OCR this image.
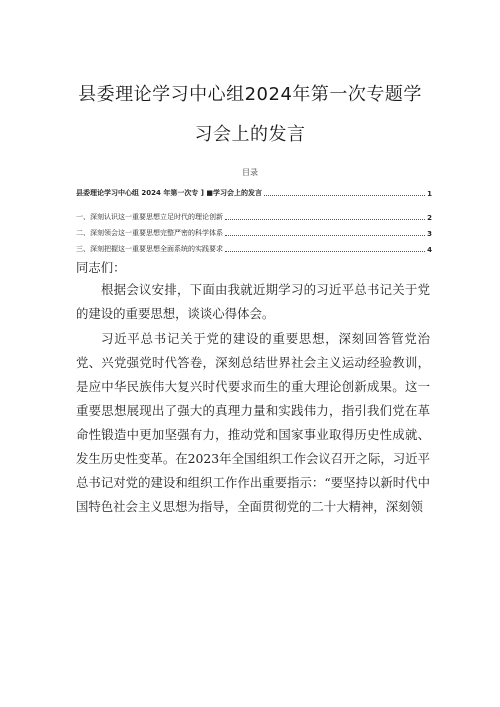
县委理论学习中心组2024年第一次专题学
习会上的发言
目录
县委理论学习中心组 2024 年第一次专 ] ■学习会上的发言	1
一、深刻认识这一重要思想立足时代的理论创新	2
二、深刻领会这一重要思想完整严密的科学体系	3
三、深刻把握这一重要思想全面系统的实践要求	4
同志们：
根据会议安排，下面由我就近期学习的习近平总书记关于党的建设的重要思想，谈谈心得体会。
习近平总书记关于党的建设的重要思想，深刻回答管党治党、兴党强党时代答卷，深刻总结世界社会主义运动经验教训，是应中华民族伟大复兴时代要求而生的重大理论创新成果。这一重要思想展现出了强大的真理力量和实践伟力，指引我们党在革命性锻造中更加坚强有力，推动党和国家事业取得历史性成就、发生历史性变革。在2023年全国组织工作会议召开之际，习近平总书记对党的建设和组织工作作出重要指示：“要坚持以新时代中国特色社会主义思想为指导，全面贯彻党的二十大精神，深刻领
